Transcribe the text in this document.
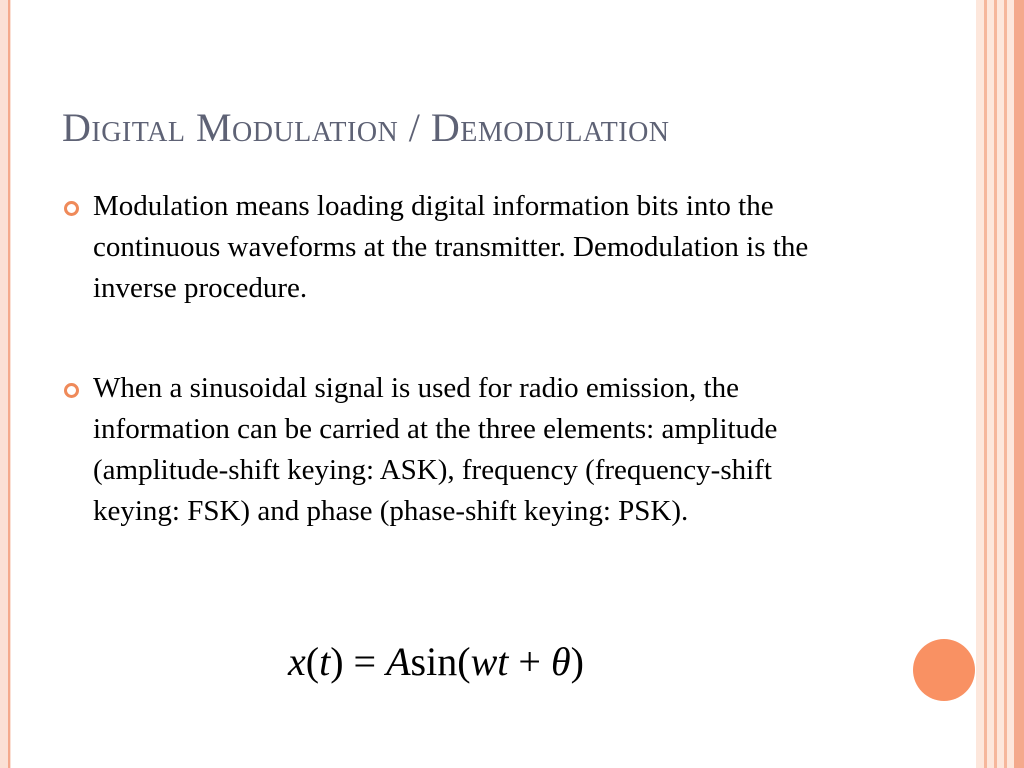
Digital Modulation / Demodulation
Modulation means loading digital information bits into the continuous waveforms at the transmitter. Demodulation is the inverse procedure.
When a sinusoidal signal is used for radio emission, the information can be carried at the three elements: amplitude (amplitude-shift keying: ASK), frequency (frequency-shift keying: FSK) and phase (phase-shift keying: PSK).
x(t) = Asin(wt + θ)
